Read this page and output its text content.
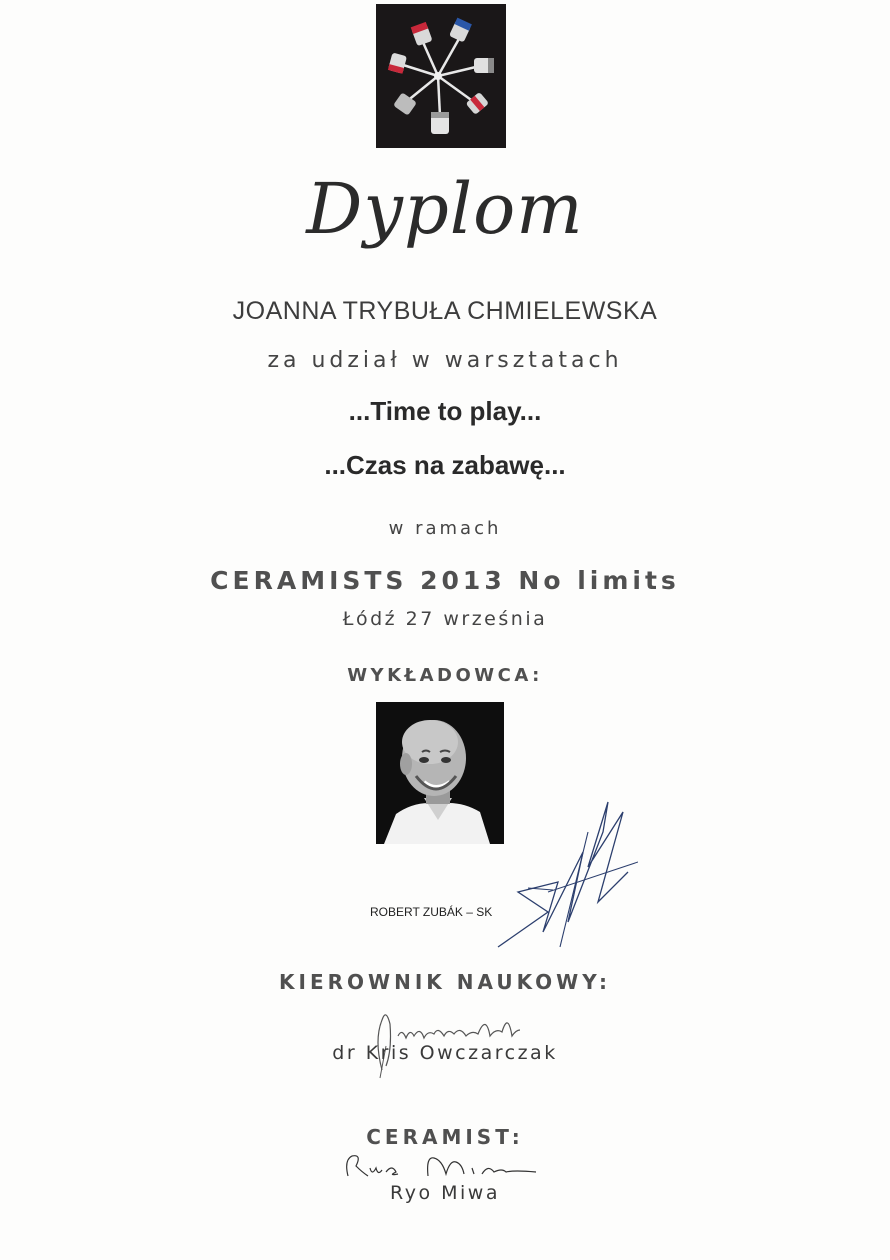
Dyplom
JOANNA TRYBUŁA CHMIELEWSKA
za udział w warsztatach
...Time to play...
...Czas na zabawę...
w ramach
CERAMISTS 2013 No limits
Łódź 27 września
WYKŁADOWCA:
ROBERT ZUBÁK – SK
KIEROWNIK NAUKOWY:
dr Kris Owczarczak
CERAMIST:
Ryo Miwa
